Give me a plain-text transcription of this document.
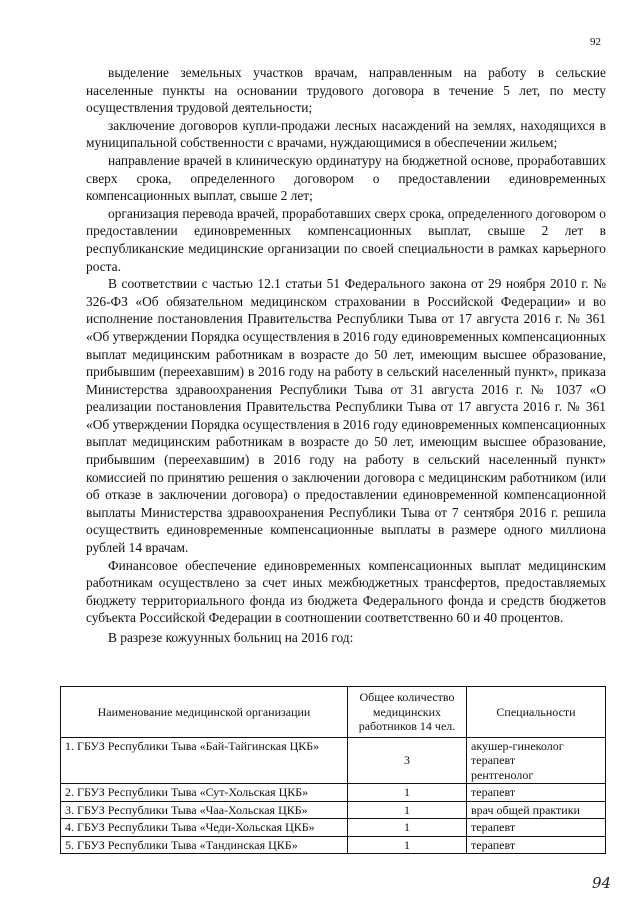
92

выделение земельных участков врачам, направленным на работу в сельские населенные пункты на основании трудового договора в течение 5 лет, по месту осуществления трудовой деятельности;

заключение договоров купли-продажи лесных насаждений на землях, находящихся в муниципальной собственности с врачами, нуждающимися в обеспечении жильем;

направление врачей в клиническую ординатуру на бюджетной основе, проработавших сверх срока, определенного договором о предоставлении единовременных компенсационных выплат, свыше 2 лет;

организация перевода врачей, проработавших сверх срока, определенного договором о предоставлении единовременных компенсационных выплат, свыше 2 лет в республиканские медицинские организации по своей специальности в рамках карьерного роста.

В соответствии с частью 12.1 статьи 51 Федерального закона от 29 ноября 2010 г. № 326-ФЗ «Об обязательном медицинском страховании в Российской Федерации» и во исполнение постановления Правительства Республики Тыва от 17 августа 2016 г. № 361 «Об утверждении Порядка осуществления в 2016 году единовременных компенсационных выплат медицинским работникам в возрасте до 50 лет, имеющим высшее образование, прибывшим (переехавшим) в 2016 году на работу в сельский населенный пункт», приказа Министерства здравоохранения Республики Тыва от 31 августа 2016 г. № 1037 «О реализации постановления Правительства Республики Тыва от 17 августа 2016 г. № 361 «Об утверждении Порядка осуществления в 2016 году единовременных компенсационных выплат медицинским работникам в возрасте до 50 лет, имеющим высшее образование, прибывшим (переехавшим) в 2016 году на работу в сельский населенный пункт» комиссией по принятию решения о заключении договора с медицинским работником (или об отказе в заключении договора) о предоставлении единовременной компенсационной выплаты Министерства здравоохранения Республики Тыва от 7 сентября 2016 г. решила осуществить единовременные компенсационные выплаты в размере одного миллиона рублей 14 врачам.

Финансовое обеспечение единовременных компенсационных выплат медицинским работникам осуществлено за счет иных межбюджетных трансфертов, предоставляемых бюджету территориального фонда из бюджета Федерального фонда и средств бюджетов субъекта Российской Федерации в соотношении соответственно 60 и 40 процентов.

В разрезе кожуунных больниц на 2016 год:

Наименование медицинской организации	Общее количество медицинских работников 14 чел.	Специальности
1. ГБУЗ Республики Тыва «Бай-Тайгинская ЦКБ»	3	акушер-гинеколог
терапевт
рентгенолог

2. ГБУЗ Республики Тыва «Сут-Хольская ЦКБ»	1	терапевт
3. ГБУЗ Республики Тыва «Чаа-Хольская ЦКБ»	1	врач общей практики
4. ГБУЗ Республики Тыва «Чеди-Хольская ЦКБ»	1	терапевт
5. ГБУЗ Республики Тыва «Тандинская ЦКБ»	1	терапевт
94
